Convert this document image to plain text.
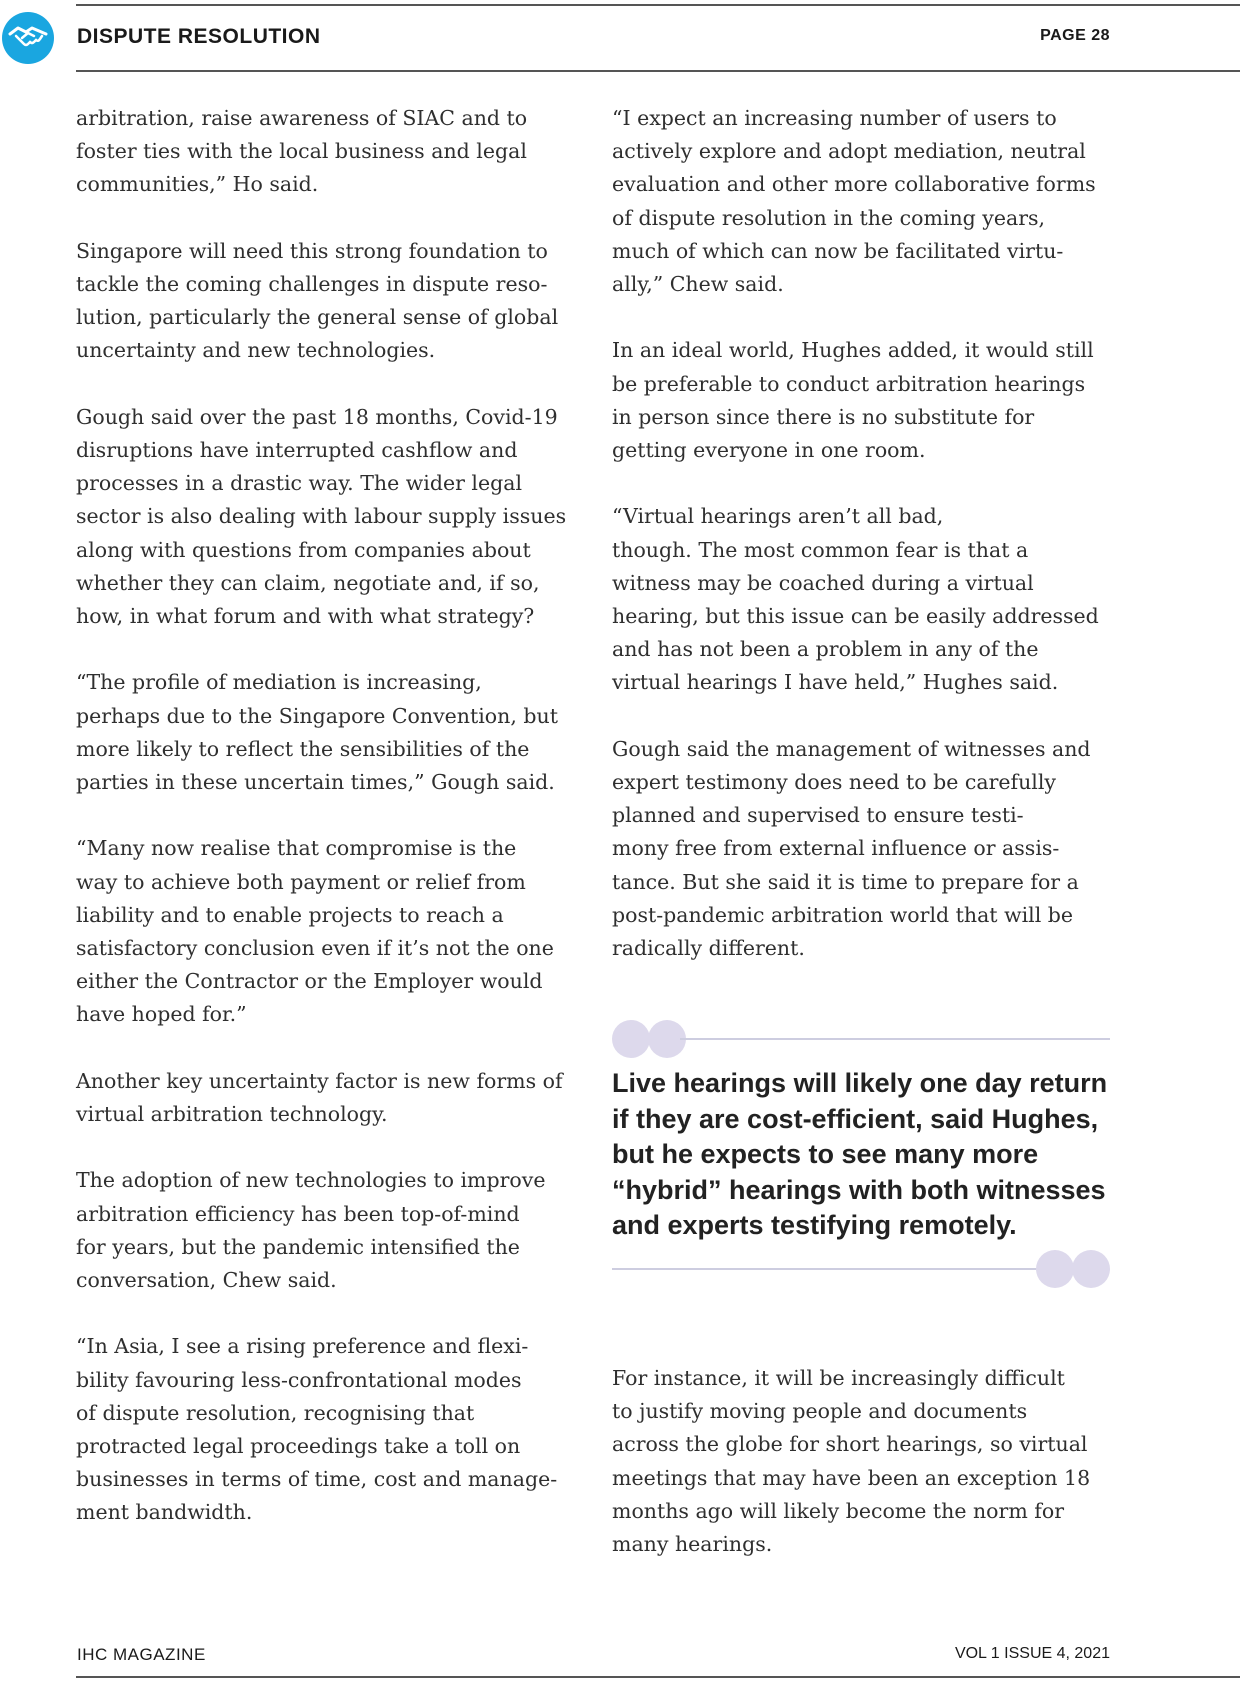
DISPUTE RESOLUTION	PAGE 28

arbitration, raise awareness of SIAC and to
foster ties with the local business and legal
communities,” Ho said.

Singapore will need this strong foundation to
tackle the coming challenges in dispute reso-
lution, particularly the general sense of global
uncertainty and new technologies.

Gough said over the past 18 months, Covid-19
disruptions have interrupted cashflow and
processes in a drastic way. The wider legal
sector is also dealing with labour supply issues
along with questions from companies about
whether they can claim, negotiate and, if so,
how, in what forum and with what strategy?

“The profile of mediation is increasing,
perhaps due to the Singapore Convention, but
more likely to reflect the sensibilities of the
parties in these uncertain times,” Gough said.

“Many now realise that compromise is the
way to achieve both payment or relief from
liability and to enable projects to reach a
satisfactory conclusion even if it’s not the one
either the Contractor or the Employer would
have hoped for.”

Another key uncertainty factor is new forms of
virtual arbitration technology.

The adoption of new technologies to improve
arbitration efficiency has been top-of-mind
for years, but the pandemic intensified the
conversation, Chew said.

“In Asia, I see a rising preference and flexi-
bility favouring less-confrontational modes
of dispute resolution, recognising that
protracted legal proceedings take a toll on
businesses in terms of time, cost and manage-
ment bandwidth.

“I expect an increasing number of users to
actively explore and adopt mediation, neutral
evaluation and other more collaborative forms
of dispute resolution in the coming years,
much of which can now be facilitated virtu-
ally,” Chew said.

In an ideal world, Hughes added, it would still
be preferable to conduct arbitration hearings
in person since there is no substitute for
getting everyone in one room.

“Virtual hearings aren’t all bad,
though. The most common fear is that a
witness may be coached during a virtual
hearing, but this issue can be easily addressed
and has not been a problem in any of the
virtual hearings I have held,” Hughes said.

Gough said the management of witnesses and
expert testimony does need to be carefully
planned and supervised to ensure testi-
mony free from external influence or assis-
tance. But she said it is time to prepare for a
post-pandemic arbitration world that will be
radically different.

Live hearings will likely one day return
if they are cost-efficient, said Hughes,
but he expects to see many more
“hybrid” hearings with both witnesses
and experts testifying remotely.

For instance, it will be increasingly difficult
to justify moving people and documents
across the globe for short hearings, so virtual
meetings that may have been an exception 18
months ago will likely become the norm for
many hearings.

IHC MAGAZINE	VOL 1 ISSUE 4, 2021
